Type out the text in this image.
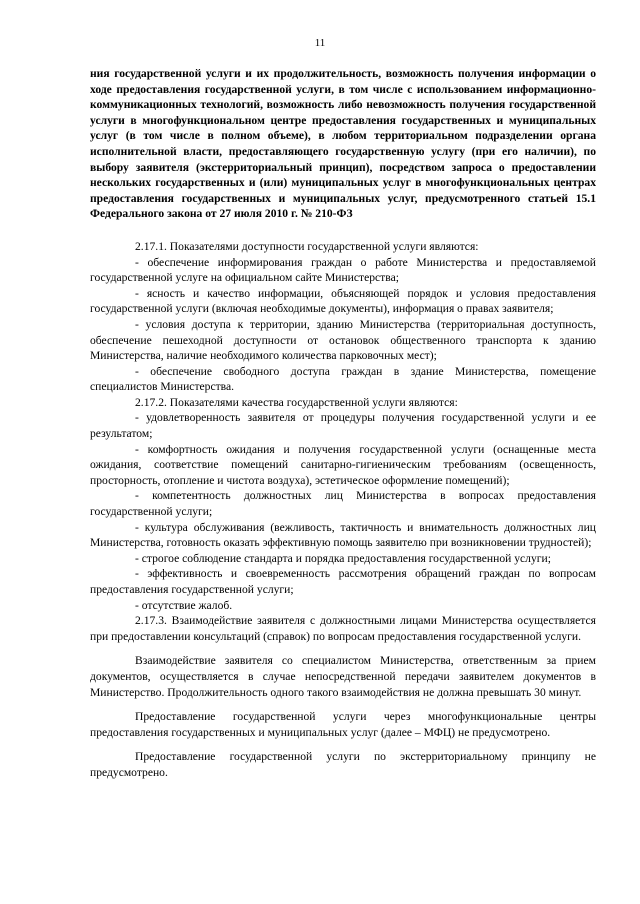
11

ния государственной услуги и их продолжительность, возможность получения информации о ходе предоставления государственной услуги, в том числе с использованием информационно-коммуникационных технологий, возможность либо невозможность получения государственной услуги в многофункциональном центре предоставления государственных и муниципальных услуг (в том числе в полном объеме), в любом территориальном подразделении органа исполнительной власти, предоставляющего государственную услугу (при его наличии), по выбору заявителя (экстерриториальный принцип), посредством запроса о предоставлении нескольких государственных и (или) муниципальных услуг в многофункциональных центрах предоставления государственных и муниципальных услуг, предусмотренного статьей 15.1 Федерального закона от 27 июля 2010 г. № 210-ФЗ

2.17.1. Показателями доступности государственной услуги являются:

- обеспечение информирования граждан о работе Министерства и предоставляемой государственной услуге на официальном сайте Министерства;

- ясность и качество информации, объясняющей порядок и условия предоставления государственной услуги (включая необходимые документы), информация о правах заявителя;

- условия доступа к территории, зданию Министерства (территориальная доступность, обеспечение пешеходной доступности от остановок общественного транспорта к зданию Министерства, наличие необходимого количества парковочных мест);

- обеспечение свободного доступа граждан в здание Министерства, помещение специалистов Министерства.

2.17.2. Показателями качества государственной услуги являются:

- удовлетворенность заявителя от процедуры получения государственной услуги и ее результатом;

- комфортность ожидания и получения государственной услуги (оснащенные места ожидания, соответствие помещений санитарно-гигиеническим требованиям (освещенность, просторность, отопление и чистота воздуха), эстетическое оформление помещений);

- компетентность должностных лиц Министерства в вопросах предоставления государственной услуги;

- культура обслуживания (вежливость, тактичность и внимательность должностных лиц Министерства, готовность оказать эффективную помощь заявителю при возникновении трудностей);

- строгое соблюдение стандарта и порядка предоставления государственной услуги;

- эффективность и своевременность рассмотрения обращений граждан по вопросам предоставления государственной услуги;

- отсутствие жалоб.

2.17.3. Взаимодействие заявителя с должностными лицами Министерства осуществляется при предоставлении консультаций (справок) по вопросам предоставления государственной услуги.

Взаимодействие заявителя со специалистом Министерства, ответственным за прием документов, осуществляется в случае непосредственной передачи заявителем документов в Министерство. Продолжительность одного такого взаимодействия не должна превышать 30 минут.

Предоставление государственной услуги через многофункциональные центры предоставления государственных и муниципальных услуг (далее – МФЦ) не предусмотрено.

Предоставление государственной услуги по экстерриториальному принципу не предусмотрено.
